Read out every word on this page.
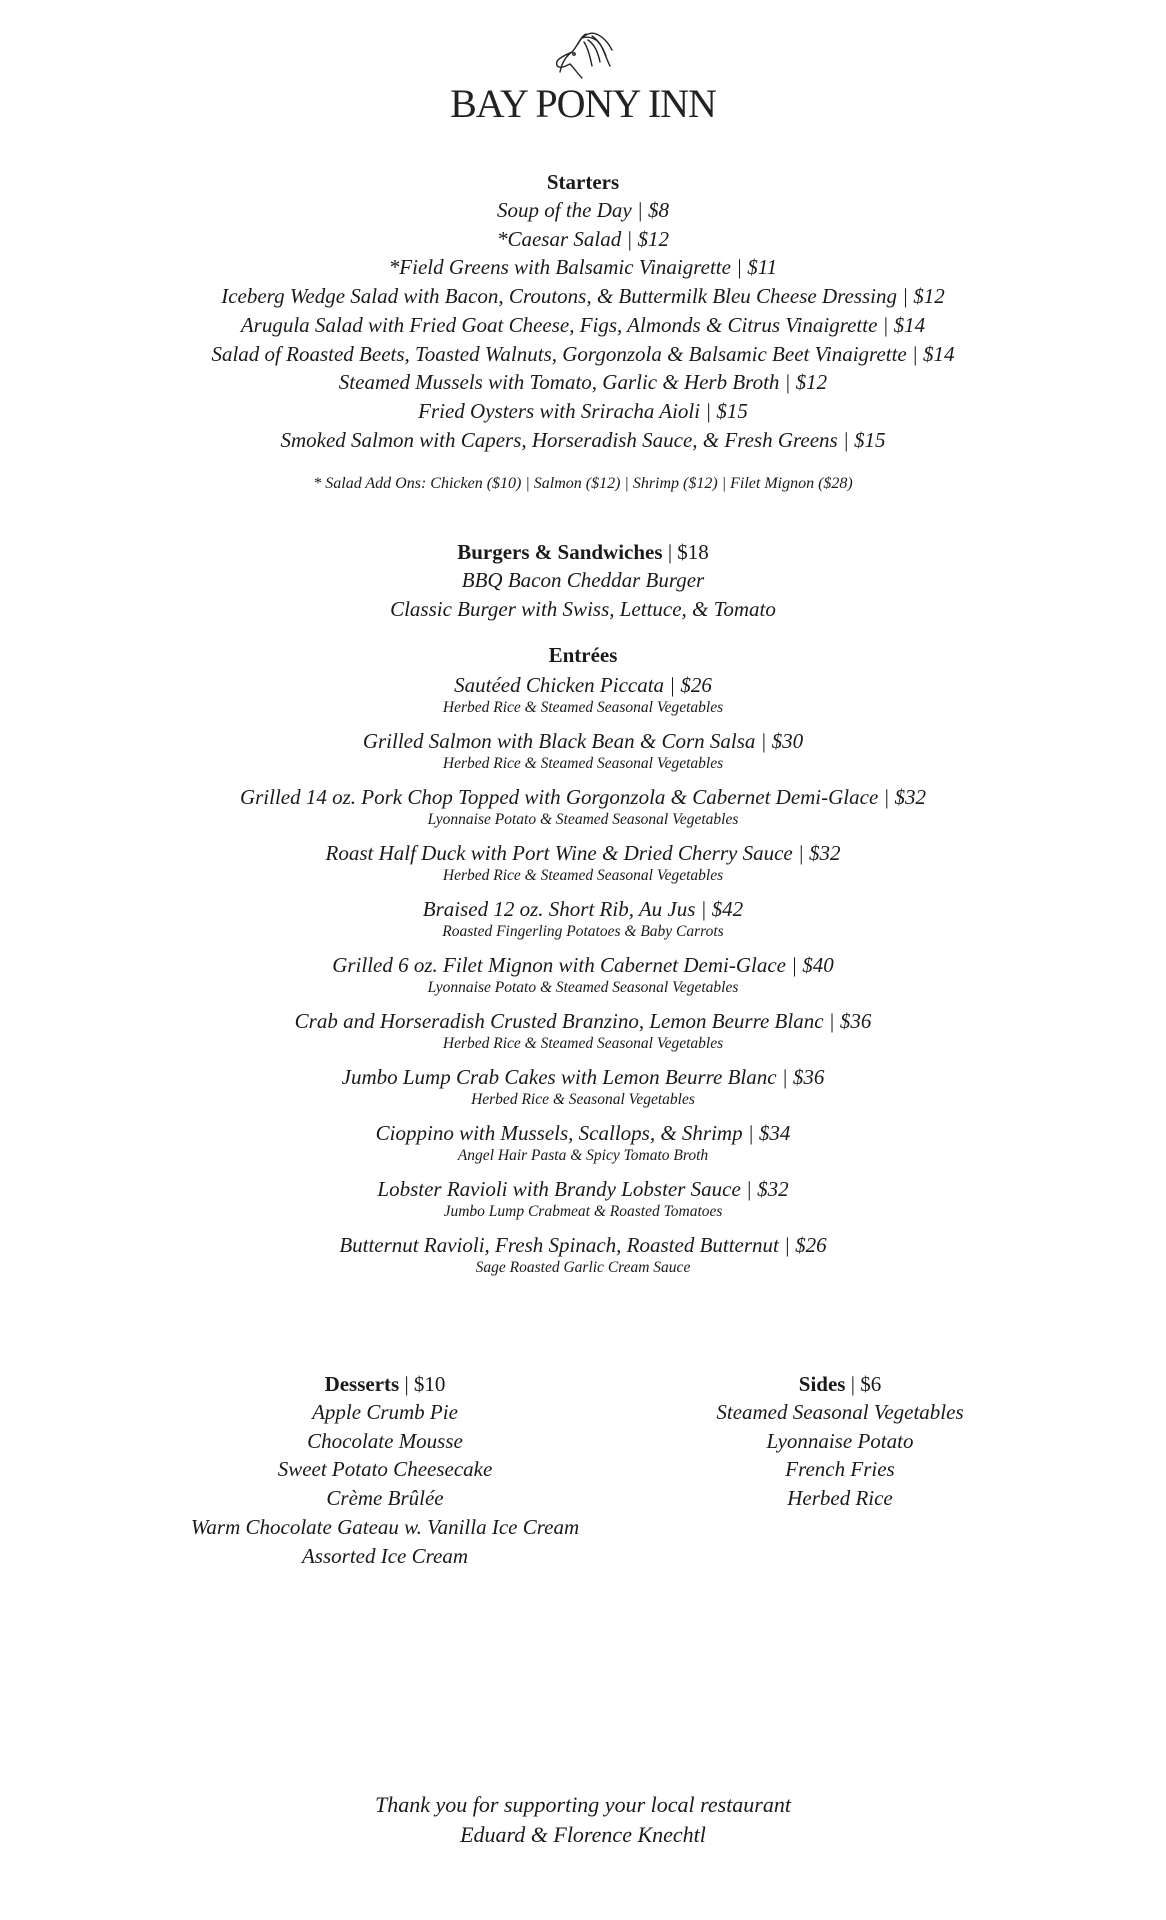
BAY PONY INN
Starters
Soup of the Day | $8
*Caesar Salad | $12
*Field Greens with Balsamic Vinaigrette | $11
Iceberg Wedge Salad with Bacon, Croutons, & Buttermilk Bleu Cheese Dressing | $12
Arugula Salad with Fried Goat Cheese, Figs, Almonds & Citrus Vinaigrette | $14
Salad of Roasted Beets, Toasted Walnuts, Gorgonzola & Balsamic Beet Vinaigrette | $14
Steamed Mussels with Tomato, Garlic & Herb Broth | $12
Fried Oysters with Sriracha Aioli | $15
Smoked Salmon with Capers, Horseradish Sauce, & Fresh Greens | $15
* Salad Add Ons: Chicken ($10) | Salmon ($12) | Shrimp ($12) | Filet Mignon ($28)
Burgers & Sandwiches | $18
BBQ Bacon Cheddar Burger
Classic Burger with Swiss, Lettuce, & Tomato
Entrées
Sautéed Chicken Piccata | $26
Herbed Rice & Steamed Seasonal Vegetables
Grilled Salmon with Black Bean & Corn Salsa | $30
Herbed Rice & Steamed Seasonal Vegetables
Grilled 14 oz. Pork Chop Topped with Gorgonzola & Cabernet Demi-Glace | $32
Lyonnaise Potato & Steamed Seasonal Vegetables
Roast Half Duck with Port Wine & Dried Cherry Sauce | $32
Herbed Rice & Steamed Seasonal Vegetables
Braised 12 oz. Short Rib, Au Jus | $42
Roasted Fingerling Potatoes & Baby Carrots
Grilled 6 oz. Filet Mignon with Cabernet Demi-Glace | $40
Lyonnaise Potato & Steamed Seasonal Vegetables
Crab and Horseradish Crusted Branzino, Lemon Beurre Blanc | $36
Herbed Rice & Steamed Seasonal Vegetables
Jumbo Lump Crab Cakes with Lemon Beurre Blanc | $36
Herbed Rice & Seasonal Vegetables
Cioppino with Mussels, Scallops, & Shrimp | $34
Angel Hair Pasta & Spicy Tomato Broth
Lobster Ravioli with Brandy Lobster Sauce | $32
Jumbo Lump Crabmeat & Roasted Tomatoes
Butternut Ravioli, Fresh Spinach, Roasted Butternut | $26
Sage Roasted Garlic Cream Sauce
Desserts | $10
Apple Crumb Pie
Chocolate Mousse
Sweet Potato Cheesecake
Crème Brûlée
Warm Chocolate Gateau w. Vanilla Ice Cream
Assorted Ice Cream
Sides | $6
Steamed Seasonal Vegetables
Lyonnaise Potato
French Fries
Herbed Rice
Thank you for supporting your local restaurant
Eduard & Florence Knechtl
